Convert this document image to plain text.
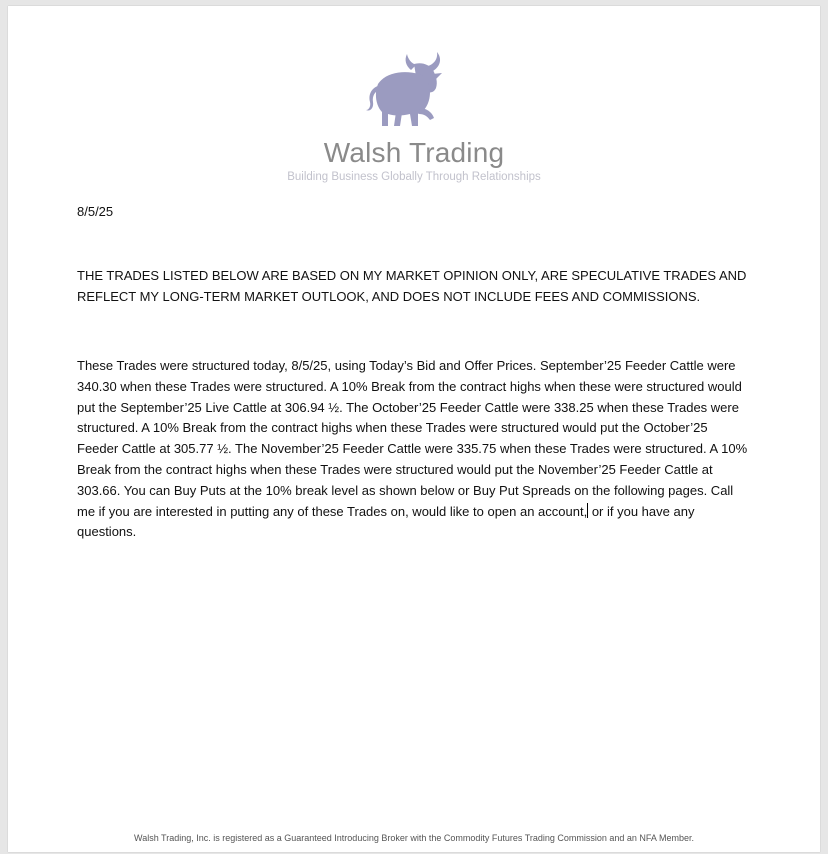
Walsh Trading
Building Business Globally Through Relationships

8/5/25

THE TRADES LISTED BELOW ARE BASED ON MY MARKET OPINION ONLY, ARE SPECULATIVE TRADES AND REFLECT MY LONG-TERM MARKET OUTLOOK, AND DOES NOT INCLUDE FEES AND COMMISSIONS.

These Trades were structured today, 8/5/25, using Today’s Bid and Offer Prices. September’25 Feeder Cattle were 340.30 when these Trades were structured. A 10% Break from the contract highs when these were structured would put the September’25 Live Cattle at 306.94 ½. The October’25 Feeder Cattle were 338.25 when these Trades were structured. A 10% Break from the contract highs when these Trades were structured would put the October’25 Feeder Cattle at 305.77 ½. The November’25 Feeder Cattle were 335.75 when these Trades were structured. A 10% Break from the contract highs when these Trades were structured would put the November’25 Feeder Cattle at 303.66. You can Buy Puts at the 10% break level as shown below or Buy Put Spreads on the following pages. Call me if you are interested in putting any of these Trades on, would like to open an account, or if you have any questions.

Walsh Trading, Inc. is registered as a Guaranteed Introducing Broker with the Commodity Futures Trading Commission and an NFA Member.
